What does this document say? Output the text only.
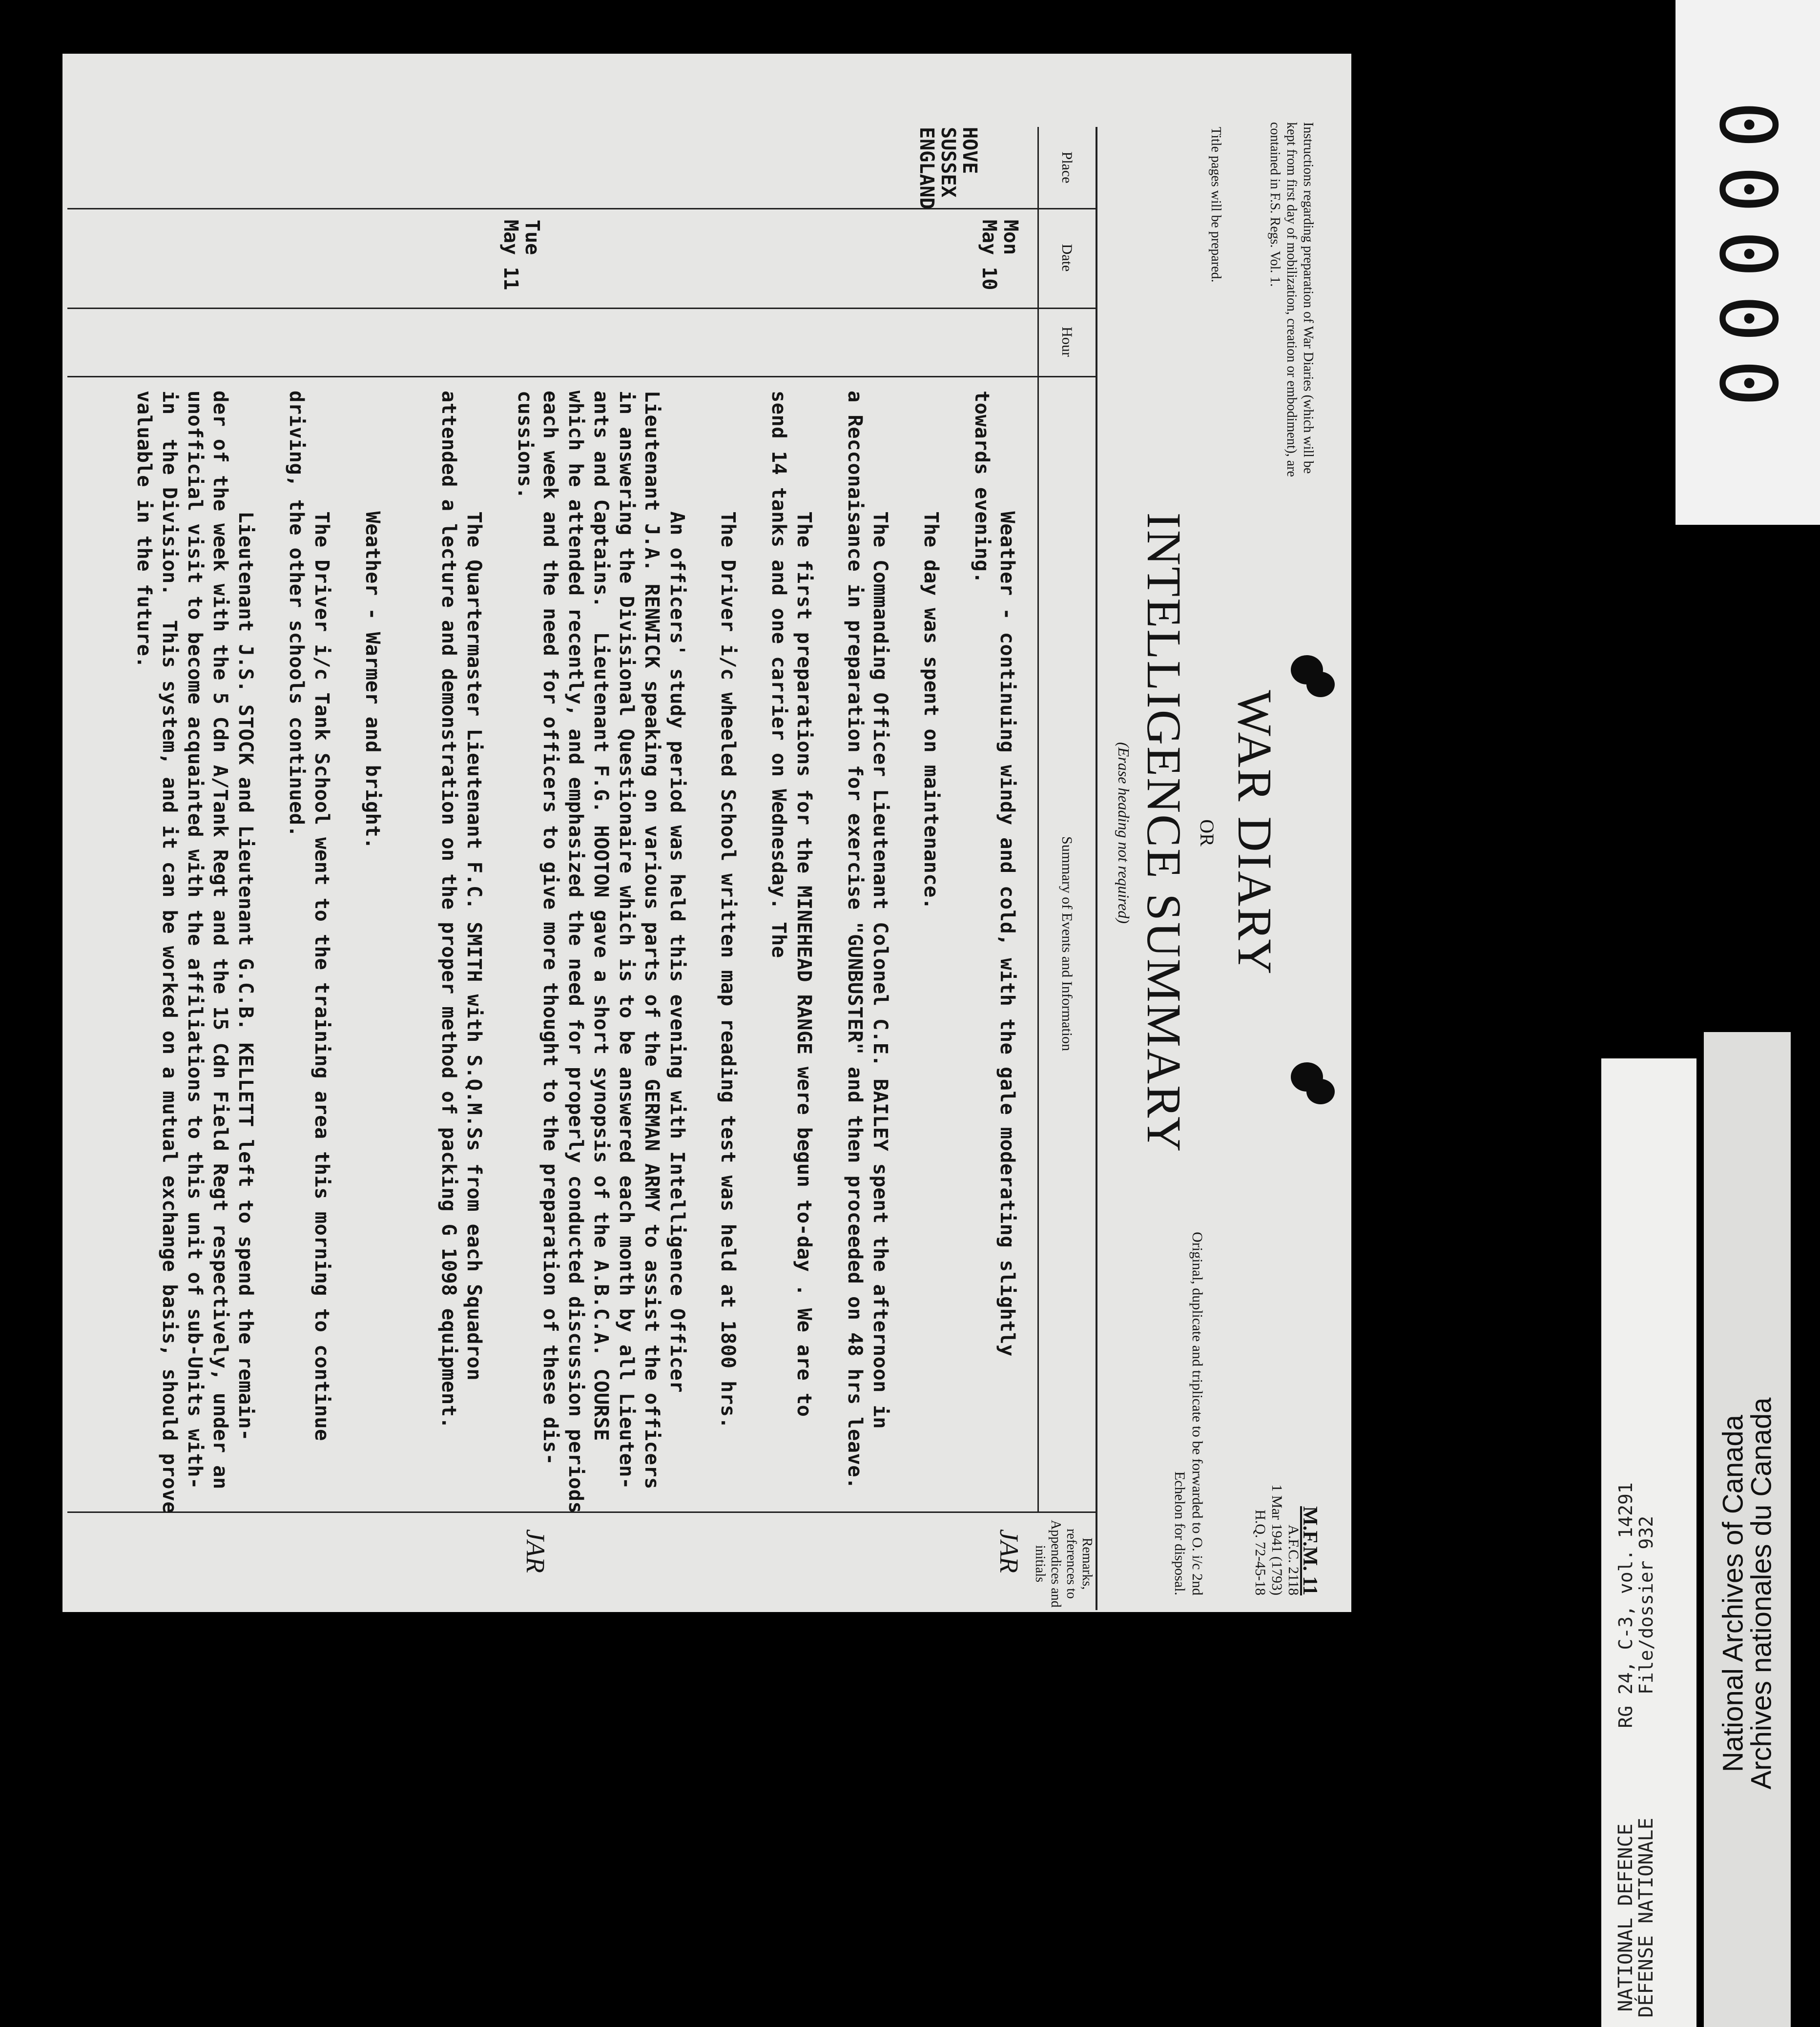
M.F.M. 11
A.F.C. 2118
1 Mar 1941 (1793)
H.Q. 72-45-18
Instructions regarding preparation of War Diaries (which will be kept from first day of mobilization, creation or embodiment), are contained in F.S. Regs. Vol. 1.
Title pages will be prepared.
WAR DIARY
OR
INTELLIGENCE SUMMARY
(Erase heading not required)
Original, duplicate and triplicate to be forwarded to O. i/c 2nd Echelon for disposal.
Place
Date
Hour
Summary of Events and Information
Remarks, references to Appendices and initials
HOVE
SUSSEX
ENGLAND
Mon
May 10
Tue
May 11
Weather - continuing windy and cold, with the gale moderating slightly
towards evening.
The day was spent on maintenance.
The Commanding Officer Lieutenant Colonel C.E. BAILEY spent the afternoon in
a Recconaisance in preparation for exercise "GUNBUSTER" and then proceeded on 48 hrs leave.
The first preparations for the MINEHEAD RANGE were begun to-day . We are to
send 14 tanks and one carrier on Wednesday. The
The Driver i/c wheeled School written map reading test was held at 1800 hrs.
An officers' study period was held this evening with Intelligence Officer
Lieutenant J.A. RENWICK speaking on various parts of the GERMAN ARMY to assist the officers
in answering the Divisional Questionaire which is to be answered each month by all Lieuten-
ants and Captains.  Lieutenant F.G. HOOTON gave a short synopsis of the A.B.C.A. COURSE
which he attended recently, and emphasized the need for properly conducted discussion periods
each week and the need for officers to give more thought to the preparation of these dis-
cussions.
The Quartermaster Lieutenant F.C. SMITH with S.Q.M.Ss from each Squadron
attended a lecture and demonstration on the proper method of packing G 1098 equipment.
Weather - Warmer and bright.
The Driver i/c Tank School went to the training area this morning to continue
driving, the other schools continued.
Lieutenant J.S. STOCK and Lieutenant G.C.B. KELLETT left to spend the remain-
der of the week with the 5 Cdn A/Tank Regt and the 15 Cdn Field Regt respectively, under an
unofficial visit to become acquainted with the affiliations to this unit of sub-Units with-
in  the Division.  This system, and it can be worked on a mutual exchange basis, should prove
valuable in the future.
JAR
JAR
00000
RG 24, C-3, vol. 14291
File/dossier 932
NATIONAL DEFENCE
DÉFENSE NATIONALE
National Archives of Canada
Archives nationales du Canada
